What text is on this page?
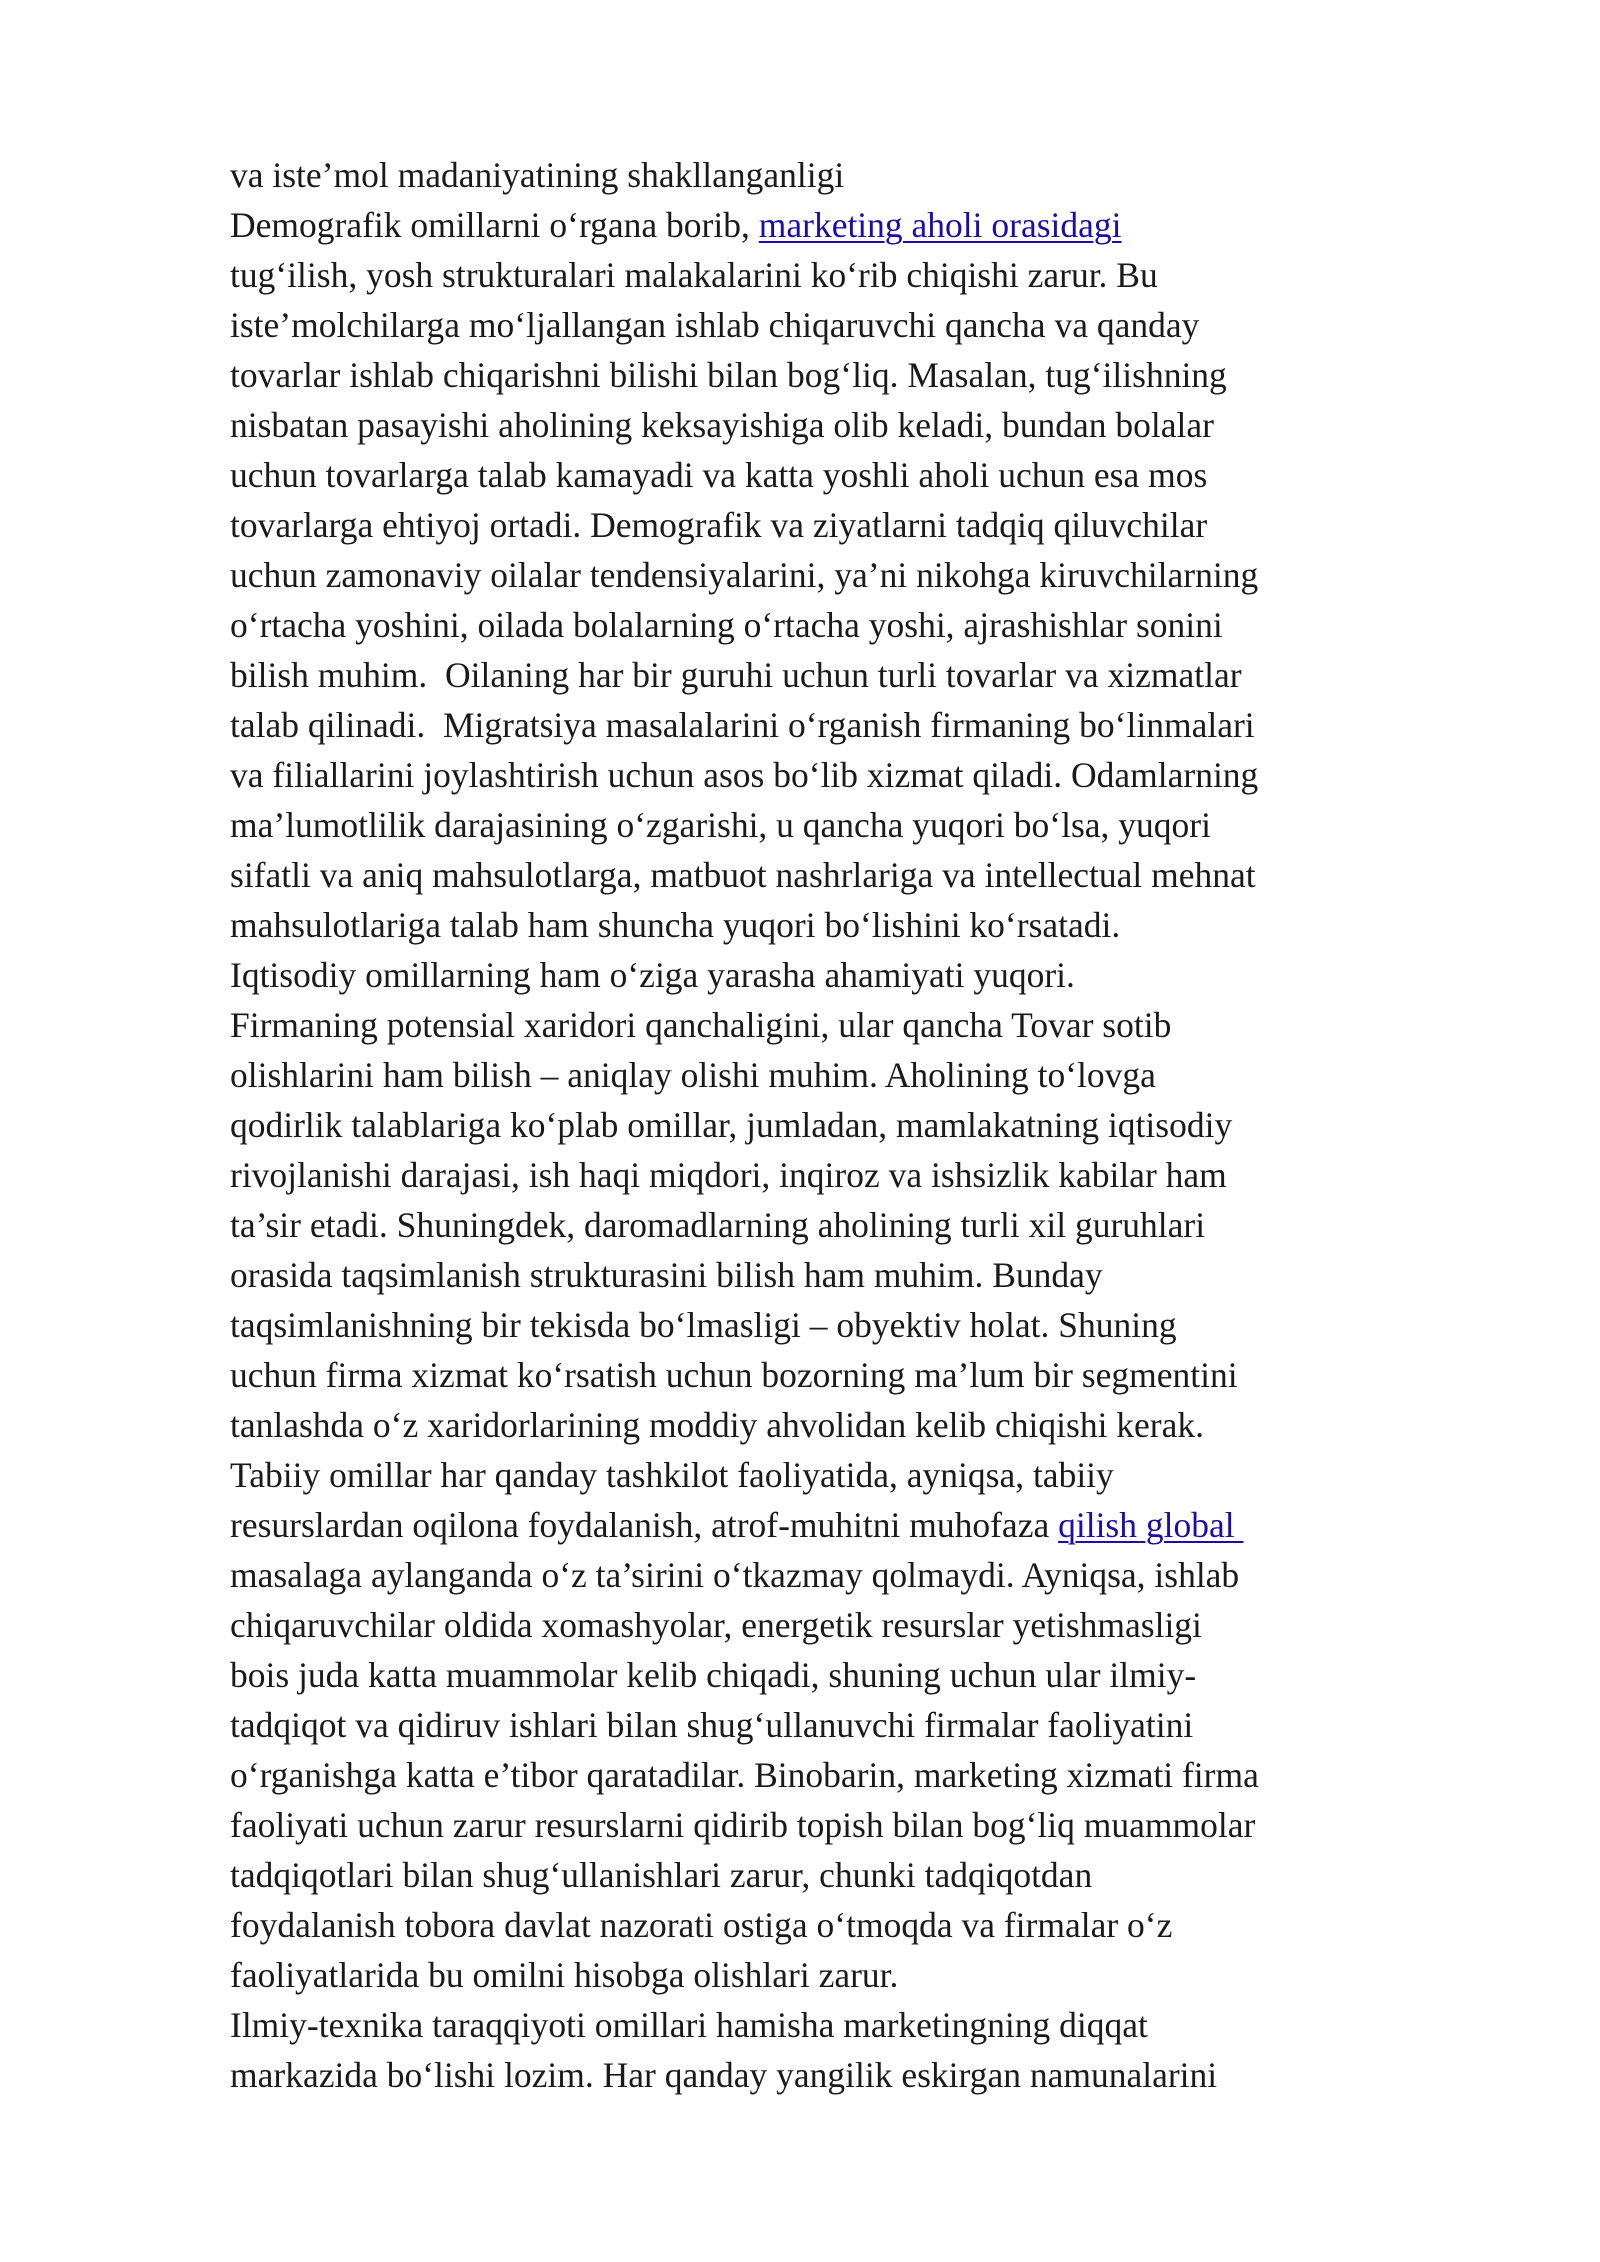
va iste’mol madaniyatining shakllanganligi
Demografik omillarni o‘rgana borib, marketing aholi orasidagi
tug‘ilish, yosh strukturalari malakalarini ko‘rib chiqishi zarur. Bu
iste’molchilarga mo‘ljallangan ishlab chiqaruvchi qancha va qanday
tovarlar ishlab chiqarishni bilishi bilan bog‘liq. Masalan, tug‘ilishning
nisbatan pasayishi aholining keksayishiga olib keladi, bundan bolalar
uchun tovarlarga talab kamayadi va katta yoshli aholi uchun esa mos
tovarlarga ehtiyoj ortadi. Demografik va ziyatlarni tadqiq qiluvchilar
uchun zamonaviy oilalar tendensiyalarini, ya’ni nikohga kiruvchilarning
o‘rtacha yoshini, oilada bolalarning o‘rtacha yoshi, ajrashishlar sonini
bilish muhim.  Oilaning har bir guruhi uchun turli tovarlar va xizmatlar
talab qilinadi.  Migratsiya masalalarini o‘rganish firmaning bo‘linmalari
va filiallarini joylashtirish uchun asos bo‘lib xizmat qiladi. Odamlarning
ma’lumotlilik darajasining o‘zgarishi, u qancha yuqori bo‘lsa, yuqori
sifatli va aniq mahsulotlarga, matbuot nashrlariga va intellectual mehnat
mahsulotlariga talab ham shuncha yuqori bo‘lishini ko‘rsatadi.
Iqtisodiy omillarning ham o‘ziga yarasha ahamiyati yuqori.
Firmaning potensial xaridori qanchaligini, ular qancha Tovar sotib
olishlarini ham bilish – aniqlay olishi muhim. Aholining to‘lovga
qodirlik talablariga ko‘plab omillar, jumladan, mamlakatning iqtisodiy
rivojlanishi darajasi, ish haqi miqdori, inqiroz va ishsizlik kabilar ham
ta’sir etadi. Shuningdek, daromadlarning aholining turli xil guruhlari
orasida taqsimlanish strukturasini bilish ham muhim. Bunday
taqsimlanishning bir tekisda bo‘lmasligi – obyektiv holat. Shuning
uchun firma xizmat ko‘rsatish uchun bozorning ma’lum bir segmentini
tanlashda o‘z xaridorlarining moddiy ahvolidan kelib chiqishi kerak.
Tabiiy omillar har qanday tashkilot faoliyatida, ayniqsa, tabiiy
resurslardan oqilona foydalanish, atrof-muhitni muhofaza qilish global
masalaga aylanganda o‘z ta’sirini o‘tkazmay qolmaydi. Ayniqsa, ishlab
chiqaruvchilar oldida xomashyolar, energetik resurslar yetishmasligi
bois juda katta muammolar kelib chiqadi, shuning uchun ular ilmiy-
tadqiqot va qidiruv ishlari bilan shug‘ullanuvchi firmalar faoliyatini
o‘rganishga katta e’tibor qaratadilar. Binobarin, marketing xizmati firma
faoliyati uchun zarur resurslarni qidirib topish bilan bog‘liq muammolar
tadqiqotlari bilan shug‘ullanishlari zarur, chunki tadqiqotdan
foydalanish tobora davlat nazorati ostiga o‘tmoqda va firmalar o‘z
faoliyatlarida bu omilni hisobga olishlari zarur.
Ilmiy-texnika taraqqiyoti omillari hamisha marketingning diqqat
markazida bo‘lishi lozim. Har qanday yangilik eskirgan namunalarini
